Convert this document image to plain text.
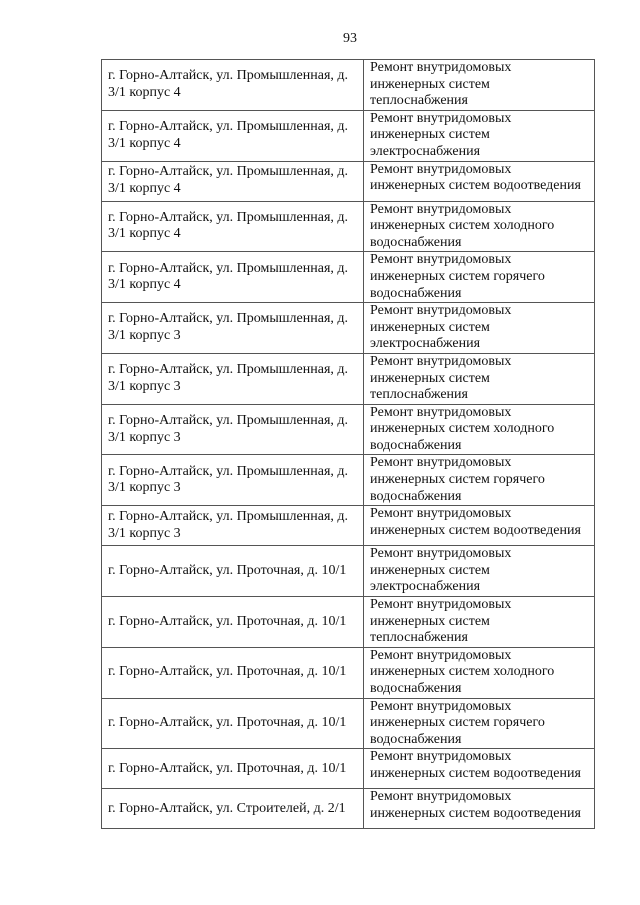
93
г. Горно-Алтайск, ул. Промышленная, д. 3/1 корпус 4	Ремонт внутридомовых инженерных систем теплоснабжения
г. Горно-Алтайск, ул. Промышленная, д. 3/1 корпус 4	Ремонт внутридомовых инженерных систем электроснабжения
г. Горно-Алтайск, ул. Промышленная, д. 3/1 корпус 4	Ремонт внутридомовых инженерных систем водоотведения
г. Горно-Алтайск, ул. Промышленная, д. 3/1 корпус 4	Ремонт внутридомовых инженерных систем холодного водоснабжения
г. Горно-Алтайск, ул. Промышленная, д. 3/1 корпус 4	Ремонт внутридомовых инженерных систем горячего водоснабжения
г. Горно-Алтайск, ул. Промышленная, д. 3/1 корпус 3	Ремонт внутридомовых инженерных систем электроснабжения
г. Горно-Алтайск, ул. Промышленная, д. 3/1 корпус 3	Ремонт внутридомовых инженерных систем теплоснабжения
г. Горно-Алтайск, ул. Промышленная, д. 3/1 корпус 3	Ремонт внутридомовых инженерных систем холодного водоснабжения
г. Горно-Алтайск, ул. Промышленная, д. 3/1 корпус 3	Ремонт внутридомовых инженерных систем горячего водоснабжения
г. Горно-Алтайск, ул. Промышленная, д. 3/1 корпус 3	Ремонт внутридомовых инженерных систем водоотведения
г. Горно-Алтайск, ул. Проточная, д. 10/1	Ремонт внутридомовых инженерных систем электроснабжения
г. Горно-Алтайск, ул. Проточная, д. 10/1	Ремонт внутридомовых инженерных систем теплоснабжения
г. Горно-Алтайск, ул. Проточная, д. 10/1	Ремонт внутридомовых инженерных систем холодного водоснабжения
г. Горно-Алтайск, ул. Проточная, д. 10/1	Ремонт внутридомовых инженерных систем горячего водоснабжения
г. Горно-Алтайск, ул. Проточная, д. 10/1	Ремонт внутридомовых инженерных систем водоотведения
г. Горно-Алтайск, ул. Строителей, д. 2/1	Ремонт внутридомовых инженерных систем водоотведения
